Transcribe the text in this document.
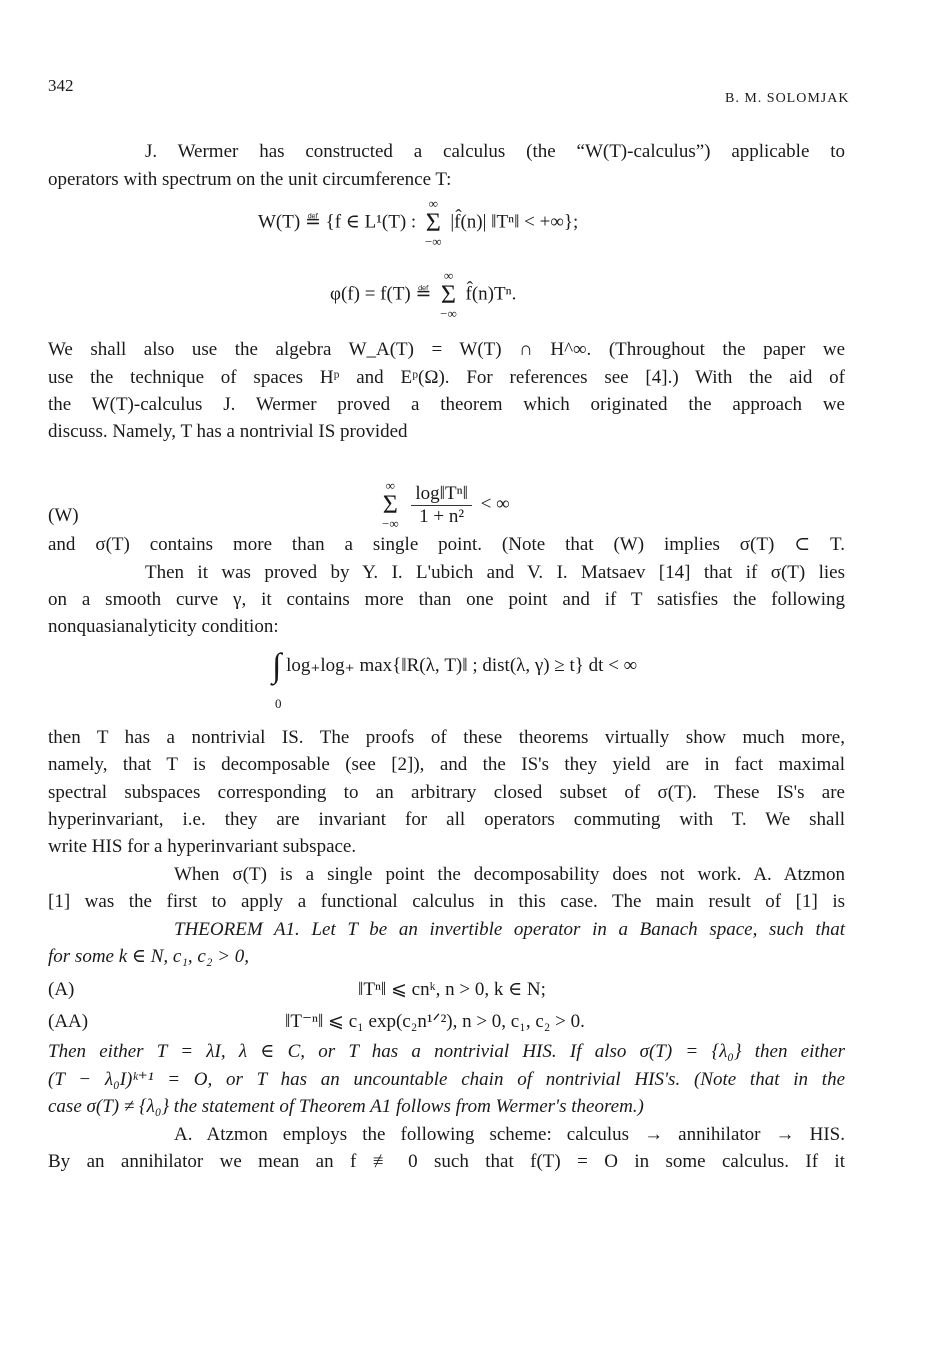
342
B. M. SOLOMJAK
J. Wermer has constructed a calculus (the “W(T)-calculus”) applicable to
operators with spectrum on the unit circumference T:
W(T) ≝ {f ∈ L¹(T) :
∞
Σ
−∞
|f̂(n)| ‖Tⁿ‖ < +∞};
φ(f) = f(T) ≝
∞
Σ
−∞
f̂(n)Tⁿ.
We shall also use the algebra W_A(T) = W(T) ∩ H^∞. (Throughout the paper we
use the technique of spaces Hᵖ and Eᵖ(Ω). For references see [4].) With the aid of
the W(T)-calculus J. Wermer proved a theorem which originated the approach we
discuss. Namely, T has a nontrivial IS provided
(W)
∞
Σ
−∞
$\frac{\text{log‖Tⁿ‖}}{\text{1 + n²}}$ < ∞
and σ(T) contains more than a single point. (Note that (W) implies σ(T) ⊂ T.
Then it was proved by Y. I. L'ubich and V. I. Matsaev [14] that if σ(T) lies
on a smooth curve γ, it contains more than one point and if T satisfies the following
nonquasianalyticity condition:
∫ log₊log₊ max{‖R(λ, T)‖ ; dist(λ, γ) ≥ t} dt < ∞
0
then T has a nontrivial IS. The proofs of these theorems virtually show much more,
namely, that T is decomposable (see [2]), and the IS's they yield are in fact maximal
spectral subspaces corresponding to an arbitrary closed subset of σ(T). These IS's are
hyperinvariant, i.e. they are invariant for all operators commuting with T. We shall
write HIS for a hyperinvariant subspace.
When σ(T) is a single point the decomposability does not work. A. Atzmon
[1] was the first to apply a functional calculus in this case. The main result of [1] is
THEOREM A1. Let T be an invertible operator in a Banach space, such that
for some k ∈ N, c₁, c₂ > 0,
(A)	‖Tⁿ‖ ⩽ cnᵏ, n > 0, k ∈ N;
(AA)	‖T⁻ⁿ‖ ⩽ c₁ exp(c₂n¹ᐟ²), n > 0, c₁, c₂ > 0.
Then either T = λI, λ ∈ C, or T has a nontrivial HIS. If also σ(T) = {λ₀} then either
(T − λ₀I)ᵏ⁺¹ = O, or T has an uncountable chain of nontrivial HIS's. (Note that in the
case σ(T) ≠ {λ₀} the statement of Theorem A1 follows from Wermer's theorem.)
A. Atzmon employs the following scheme: calculus → annihilator → HIS.
By an annihilator we mean an f ≢ 0 such that f(T) = O in some calculus. If it
